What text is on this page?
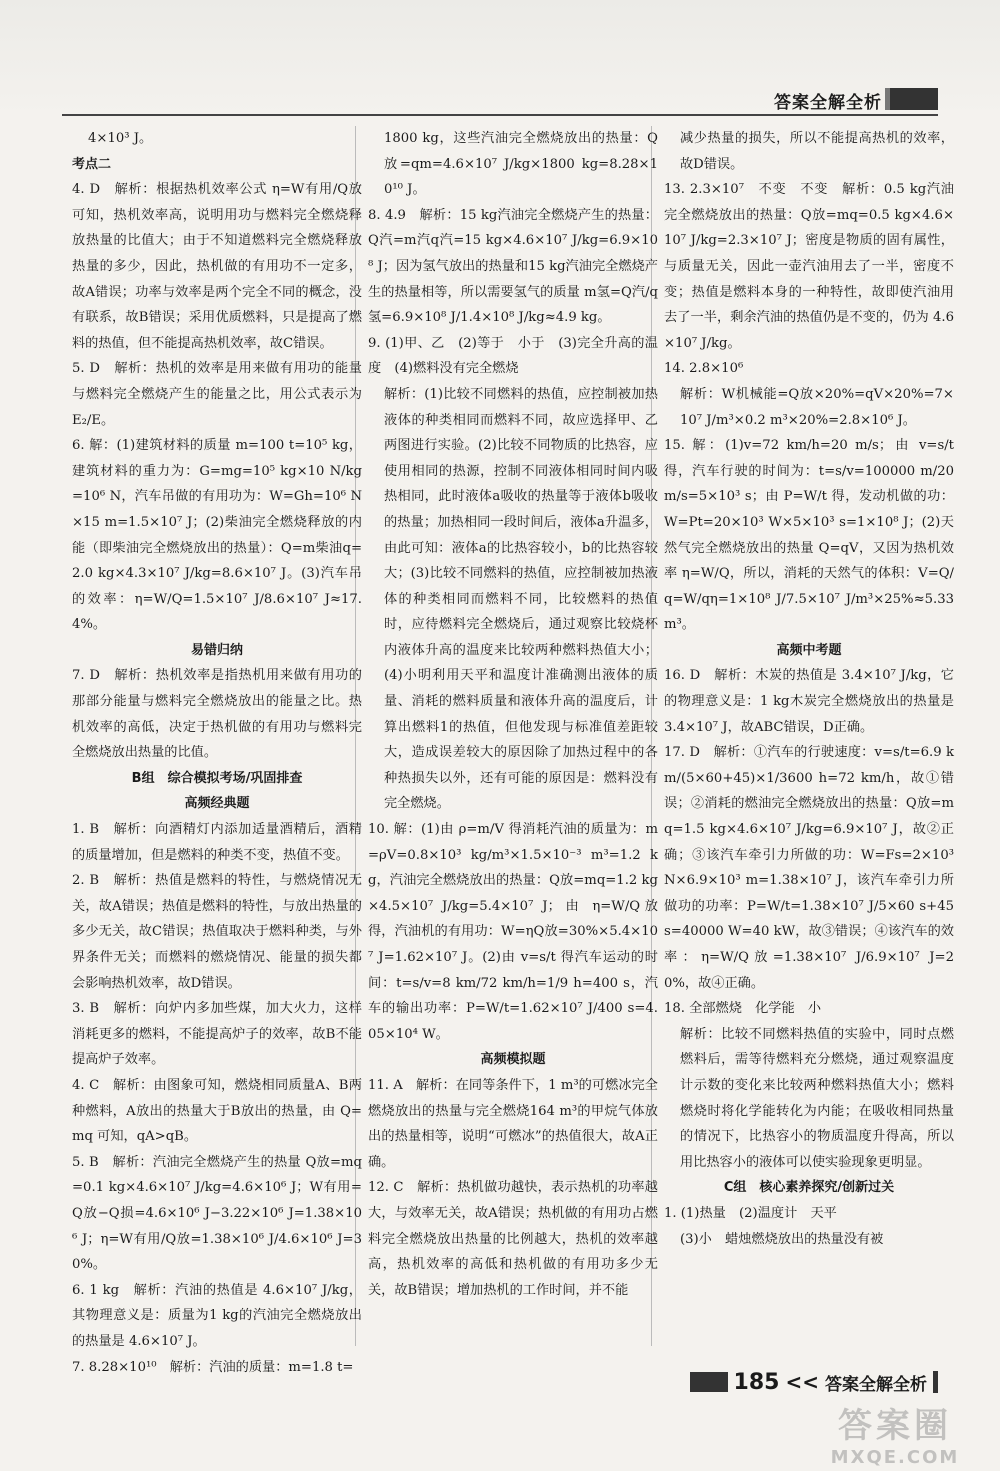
答案全解全析

4×10³ J。

考点二

4. D　解析：根据热机效率公式 η=W有用/Q放 可知，热机效率高，说明用功与燃料完全燃烧释放热量的比值大；由于不知道燃料完全燃烧释放热量的多少，因此，热机做的有用功不一定多，故A错误；功率与效率是两个完全不同的概念，没有联系，故B错误；采用优质燃料，只是提高了燃料的热值，但不能提高热机效率，故C错误。

5. D　解析：热机的效率是用来做有用功的能量与燃料完全燃烧产生的能量之比，用公式表示为 E₂/E。

6. 解：(1)建筑材料的质量 m=100 t=10⁵ kg，建筑材料的重力为：G=mg=10⁵ kg×10 N/kg=10⁶ N，汽车吊做的有用功为：W=Gh=10⁶ N×15 m=1.5×10⁷ J；(2)柴油完全燃烧释放的内能（即柴油完全燃烧放出的热量）：Q=m柴油q=2.0 kg×4.3×10⁷ J/kg=8.6×10⁷ J。(3)汽车吊的效率：η=W/Q=1.5×10⁷ J/8.6×10⁷ J≈17.4%。

易错归纳

7. D　解析：热机效率是指热机用来做有用功的那部分能量与燃料完全燃烧放出的能量之比。热机效率的高低，决定于热机做的有用功与燃料完全燃烧放出热量的比值。

B组　综合模拟考场/巩固排查

高频经典题

1. B　解析：向酒精灯内添加适量酒精后，酒精的质量增加，但是燃料的种类不变，热值不变。

2. B　解析：热值是燃料的特性，与燃烧情况无关，故A错误；热值是燃料的特性，与放出热量的多少无关，故C错误；热值取决于燃料种类，与外界条件无关；而燃料的燃烧情况、能量的损失都会影响热机效率，故D错误。

3. B　解析：向炉内多加些煤，加大火力，这样消耗更多的燃料，不能提高炉子的效率，故B不能提高炉子效率。

4. C　解析：由图象可知，燃烧相同质量A、B两种燃料，A放出的热量大于B放出的热量，由 Q=mq 可知，qA>qB。

5. B　解析：汽油完全燃烧产生的热量 Q放=mq=0.1 kg×4.6×10⁷ J/kg=4.6×10⁶ J；W有用=Q放−Q损=4.6×10⁶ J−3.22×10⁶ J=1.38×10⁶ J；η=W有用/Q放=1.38×10⁶ J/4.6×10⁶ J=30%。

6. 1 kg　解析：汽油的热值是 4.6×10⁷ J/kg，其物理意义是：质量为1 kg的汽油完全燃烧放出的热量是 4.6×10⁷ J。

7. 8.28×10¹⁰　解析：汽油的质量：m=1.8 t=

1800 kg，这些汽油完全燃烧放出的热量：Q放=qm=4.6×10⁷ J/kg×1800 kg=8.28×10¹⁰ J。

8. 4.9　解析：15 kg汽油完全燃烧产生的热量：Q汽=m汽q汽=15 kg×4.6×10⁷ J/kg=6.9×10⁸ J；因为氢气放出的热量和15 kg汽油完全燃烧产生的热量相等，所以需要氢气的质量 m氢=Q汽/q氢=6.9×10⁸ J/1.4×10⁸ J/kg≈4.9 kg。

9. (1)甲、乙　(2)等于　小于　(3)完全升高的温度　(4)燃料没有完全燃烧

解析：(1)比较不同燃料的热值，应控制被加热液体的种类相同而燃料不同，故应选择甲、乙两图进行实验。(2)比较不同物质的比热容，应使用相同的热源，控制不同液体相同时间内吸热相同，此时液体a吸收的热量等于液体b吸收的热量；加热相同一段时间后，液体a升温多，由此可知：液体a的比热容较小，b的比热容较大；(3)比较不同燃料的热值，应控制被加热液体的种类相同而燃料不同，比较燃料的热值时，应待燃料完全燃烧后，通过观察比较烧杯内液体升高的温度来比较两种燃料热值大小；(4)小明利用天平和温度计准确测出液体的质量、消耗的燃料质量和液体升高的温度后，计算出燃料1的热值，但他发现与标准值差距较大，造成误差较大的原因除了加热过程中的各种热损失以外，还有可能的原因是：燃料没有完全燃烧。

10. 解：(1)由 ρ=m/V 得消耗汽油的质量为：m=ρV=0.8×10³ kg/m³×1.5×10⁻³ m³=1.2 kg，汽油完全燃烧放出的热量：Q放=mq=1.2 kg×4.5×10⁷ J/kg=5.4×10⁷ J；由 η=W/Q放 得，汽油机的有用功：W=ηQ放=30%×5.4×10⁷ J=1.62×10⁷ J。(2)由 v=s/t 得汽车运动的时间：t=s/v=8 km/72 km/h=1/9 h=400 s，汽车的输出功率：P=W/t=1.62×10⁷ J/400 s=4.05×10⁴ W。

高频模拟题

11. A　解析：在同等条件下，1 m³的可燃冰完全燃烧放出的热量与完全燃烧164 m³的甲烷气体放出的热量相等，说明“可燃冰”的热值很大，故A正确。

12. C　解析：热机做功越快，表示热机的功率越大，与效率无关，故A错误；热机做的有用功占燃料完全燃烧放出热量的比例越大，热机的效率越高，热机效率的高低和热机做的有用功多少无关，故B错误；增加热机的工作时间，并不能

减少热量的损失，所以不能提高热机的效率，故D错误。

13. 2.3×10⁷　不变　不变　解析：0.5 kg汽油完全燃烧放出的热量：Q放=mq=0.5 kg×4.6×10⁷ J/kg=2.3×10⁷ J；密度是物质的固有属性，与质量无关，因此一壶汽油用去了一半，密度不变；热值是燃料本身的一种特性，故即使汽油用去了一半，剩余汽油的热值仍是不变的，仍为 4.6×10⁷ J/kg。

14. 2.8×10⁶

解析：W机械能=Q放×20%=qV×20%=7×10⁷ J/m³×0.2 m³×20%=2.8×10⁶ J。

15. 解：(1)v=72 km/h=20 m/s；由 v=s/t 得，汽车行驶的时间为：t=s/v=100000 m/20 m/s=5×10³ s；由 P=W/t 得，发动机做的功：W=Pt=20×10³ W×5×10³ s=1×10⁸ J；(2)天然气完全燃烧放出的热量 Q=qV，又因为热机效率 η=W/Q，所以，消耗的天然气的体积：V=Q/q=W/qη=1×10⁸ J/7.5×10⁷ J/m³×25%≈5.33 m³。

高频中考题

16. D　解析：木炭的热值是 3.4×10⁷ J/kg，它的物理意义是：1 kg木炭完全燃烧放出的热量是 3.4×10⁷ J，故ABC错误，D正确。

17. D　解析：①汽车的行驶速度：v=s/t=6.9 km/(5×60+45)×1/3600 h=72 km/h，故①错误；②消耗的燃油完全燃烧放出的热量：Q放=mq=1.5 kg×4.6×10⁷ J/kg=6.9×10⁷ J，故②正确；③该汽车牵引力所做的功：W=Fs=2×10³ N×6.9×10³ m=1.38×10⁷ J，该汽车牵引力所做功的功率：P=W/t=1.38×10⁷ J/5×60 s+45 s=40000 W=40 kW，故③错误；④该汽车的效率：η=W/Q放=1.38×10⁷ J/6.9×10⁷ J=20%，故④正确。

18. 全部燃烧　化学能　小

解析：比较不同燃料热值的实验中，同时点燃燃料后，需等待燃料充分燃烧，通过观察温度计示数的变化来比较两种燃料热值大小；燃料燃烧时将化学能转化为内能；在吸收相同热量的情况下，比热容小的物质温度升得高，所以用比热容小的液体可以使实验现象更明显。

C组　核心素养探究/创新过关

1. (1)热量　(2)温度计　天平

(3)小　蜡烛燃烧放出的热量没有被

185 << 答案全解全析
答案圈
MXQE.COM
